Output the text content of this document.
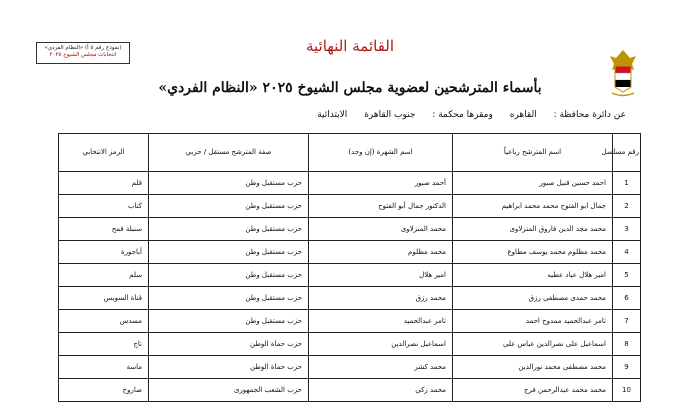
(نموذج رقم ٥ أ) «النظام الفردي»
انتخابات مجلس الشيوخ ٢٠٢٥	القائمة النهائية
بأسماء المترشحين لعضوية مجلس الشيوخ ٢٠٢٥ «النظام الفردي»
عن دائرة محافظة : القاهره ومقرها محكمة : جنوب القاهرة الابتدائية
رقم مسلسل	اسم المترشح رباعياً	اسم الشهرة (إن وجد)	صفة المترشح مستقل / حزبي	الرمز الانتخابي
1	احمد حسين قنيل صبور	أحمد صبور	حزب مستقبل وطن	قلم
2	جمال ابو الفتوح محمد محمد ابراهيم	الدكتور جمال أبو الفتوح	حزب مستقبل وطن	كتاب
3	محمد مجد الدين فاروق المنزلاوى	محمد المنزلاوى	حزب مستقبل وطن	سنبلة قمح
4	محمد مظلوم محمد يوسف مطاوع	محمد مظلوم	حزب مستقبل وطن	أباجورة
5	امير هلال عياد عطيه	امير هلال	حزب مستقبل وطن	سلم
6	محمد حمدى مصطفى رزق	محمد رزق	حزب مستقبل وطن	قناة السويس
7	تامر عبدالحميد ممدوح احمد	تامر عبدالحميد	حزب مستقبل وطن	مسدس
8	اسماعيل على نصرالدين عباس على	اسماعيل نصرالدين	حزب حماة الوطن	تاج
9	محمد مصطفى محمد نورالدين	محمد كشر	حزب حماة الوطن	ماسة
10	محمد محمد عبدالرحمن فرج	محمد زكى	حزب الشعب الجمهورى	صاروخ
